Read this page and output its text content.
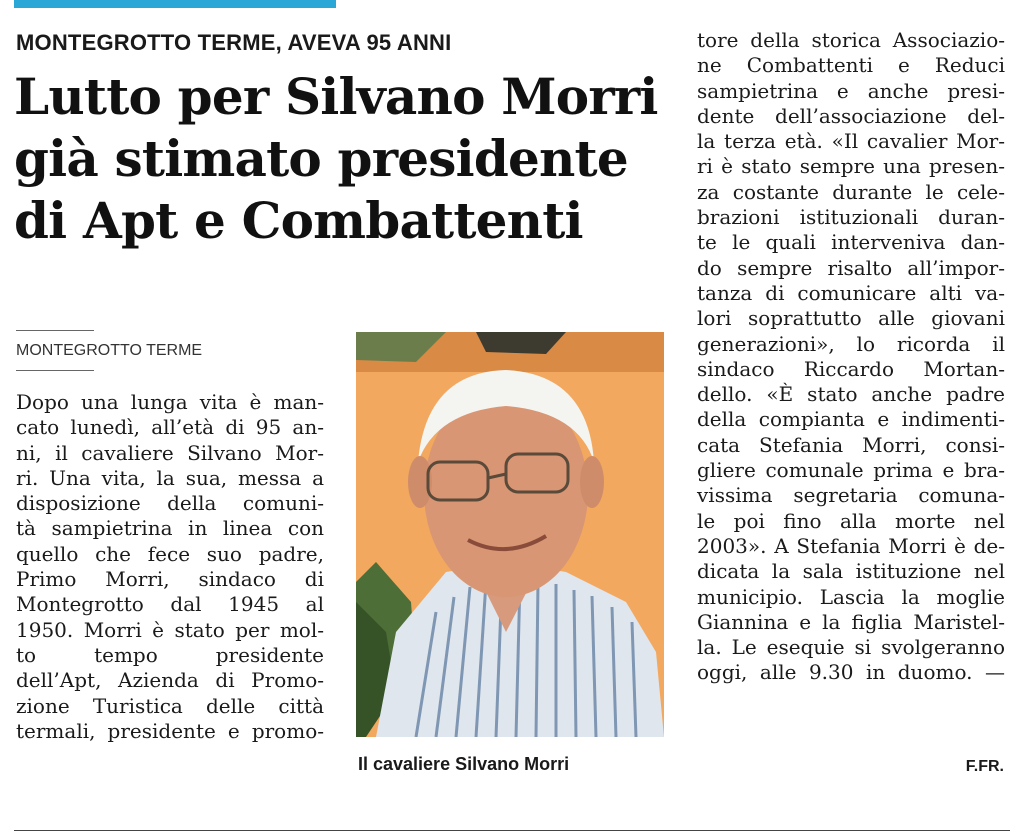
MONTEGROTTO TERME, AVEVA 95 ANNI
Lutto per Silvano Morri
già stimato presidente
di Apt e Combattenti
MONTEGROTTO TERME
Dopo una lunga vita è man-
cato lunedì, all’età di 95 an-
ni, il cavaliere Silvano Mor-
ri. Una vita, la sua, messa a
disposizione della comuni-
tà sampietrina in linea con
quello che fece suo padre,
Primo Morri, sindaco di
Montegrotto dal 1945 al
1950. Morri è stato per mol-
to tempo presidente
dell’Apt, Azienda di Promo-
zione Turistica delle città
termali, presidente e promo-
Il cavaliere Silvano Morri
tore della storica Associazio-
ne Combattenti e Reduci
sampietrina e anche presi-
dente dell’associazione del-
la terza età. «Il cavalier Mor-
ri è stato sempre una presen-
za costante durante le cele-
brazioni istituzionali duran-
te le quali interveniva dan-
do sempre risalto all’impor-
tanza di comunicare alti va-
lori soprattutto alle giovani
generazioni», lo ricorda il
sindaco Riccardo Mortan-
dello. «È stato anche padre
della compianta e indimenti-
cata Stefania Morri, consi-
gliere comunale prima e bra-
vissima segretaria comuna-
le poi fino alla morte nel
2003». A Stefania Morri è de-
dicata la sala istituzione nel
municipio. Lascia la moglie
Giannina e la figlia Maristel-
la. Le esequie si svolgeranno
oggi, alle 9.30 in duomo. —
F.FR.
